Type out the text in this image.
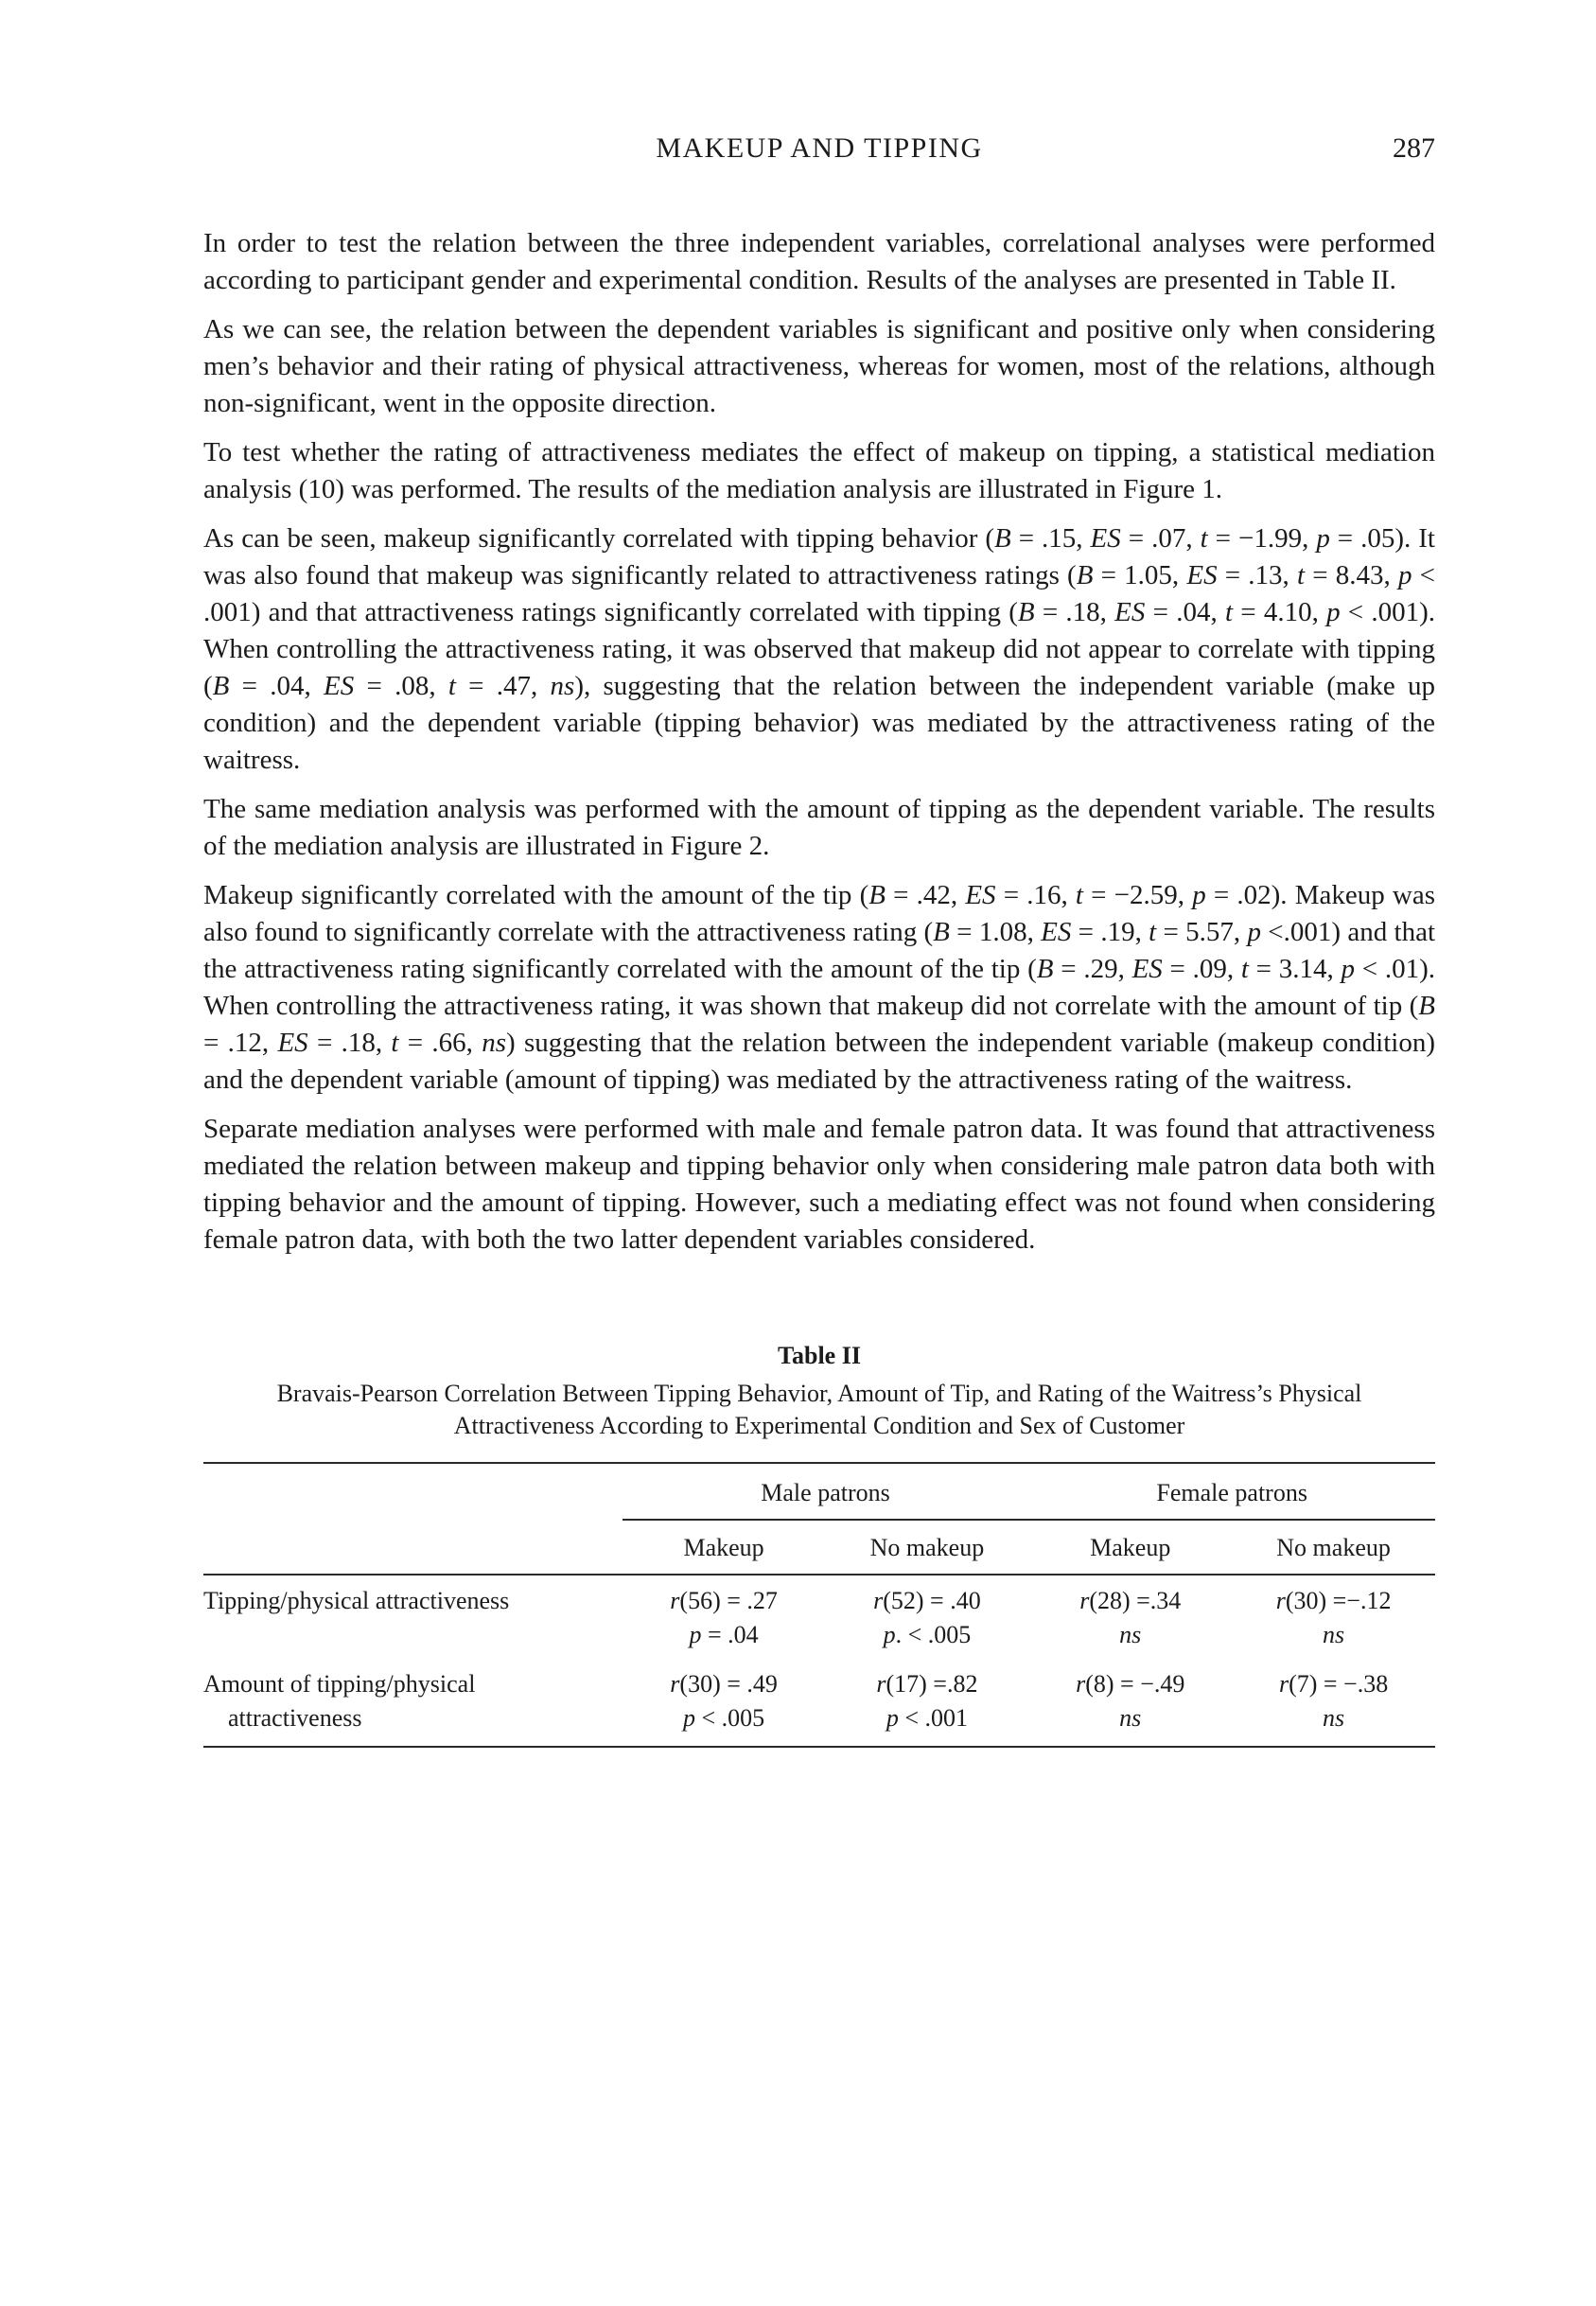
MAKEUP AND TIPPING	287

In order to test the relation between the three independent variables, correlational analyses were performed according to participant gender and experimental condition. Results of the analyses are presented in Table II.

As we can see, the relation between the dependent variables is significant and positive only when considering men’s behavior and their rating of physical attractiveness, whereas for women, most of the relations, although non-significant, went in the opposite direction.

To test whether the rating of attractiveness mediates the effect of makeup on tipping, a statistical mediation analysis (10) was performed. The results of the mediation analysis are illustrated in Figure 1.

As can be seen, makeup significantly correlated with tipping behavior (B = .15, ES = .07, t = −1.99, p = .05). It was also found that makeup was significantly related to attractiveness ratings (B = 1.05, ES = .13, t = 8.43, p < .001) and that attractiveness ratings significantly correlated with tipping (B = .18, ES = .04, t = 4.10, p < .001). When controlling the attractiveness rating, it was observed that makeup did not appear to correlate with tipping (B = .04, ES = .08, t = .47, ns), suggesting that the relation between the independent variable (make up condition) and the dependent variable (tipping behavior) was mediated by the attractiveness rating of the waitress.

The same mediation analysis was performed with the amount of tipping as the dependent variable. The results of the mediation analysis are illustrated in Figure 2.

Makeup significantly correlated with the amount of the tip (B = .42, ES = .16, t = −2.59, p = .02). Makeup was also found to significantly correlate with the attractiveness rating (B = 1.08, ES = .19, t = 5.57, p <.001) and that the attractiveness rating significantly correlated with the amount of the tip (B = .29, ES = .09, t = 3.14, p < .01). When controlling the attractiveness rating, it was shown that makeup did not correlate with the amount of tip (B = .12, ES = .18, t = .66, ns) suggesting that the relation between the independent variable (makeup condition) and the dependent variable (amount of tipping) was mediated by the attractiveness rating of the waitress.

Separate mediation analyses were performed with male and female patron data. It was found that attractiveness mediated the relation between makeup and tipping behavior only when considering male patron data both with tipping behavior and the amount of tipping. However, such a mediating effect was not found when considering female patron data, with both the two latter dependent variables considered.

Table II
Bravais-Pearson Correlation Between Tipping Behavior, Amount of Tip, and Rating of the Waitress’s Physical Attractiveness According to Experimental Condition and Sex of Customer
	Male patrons		Female patrons	
	Makeup	No makeup	Makeup	No makeup
Tipping/physical attractiveness	r(56) = .27	r(52) = .40	r(28) =.34	r(30) =−.12
	p = .04	p. < .005	ns	ns
Amount of tipping/physical	r(30) = .49	r(17) =.82	r(8) = −.49	r(7) = −.38
attractiveness	p < .005	p < .001	ns	ns
